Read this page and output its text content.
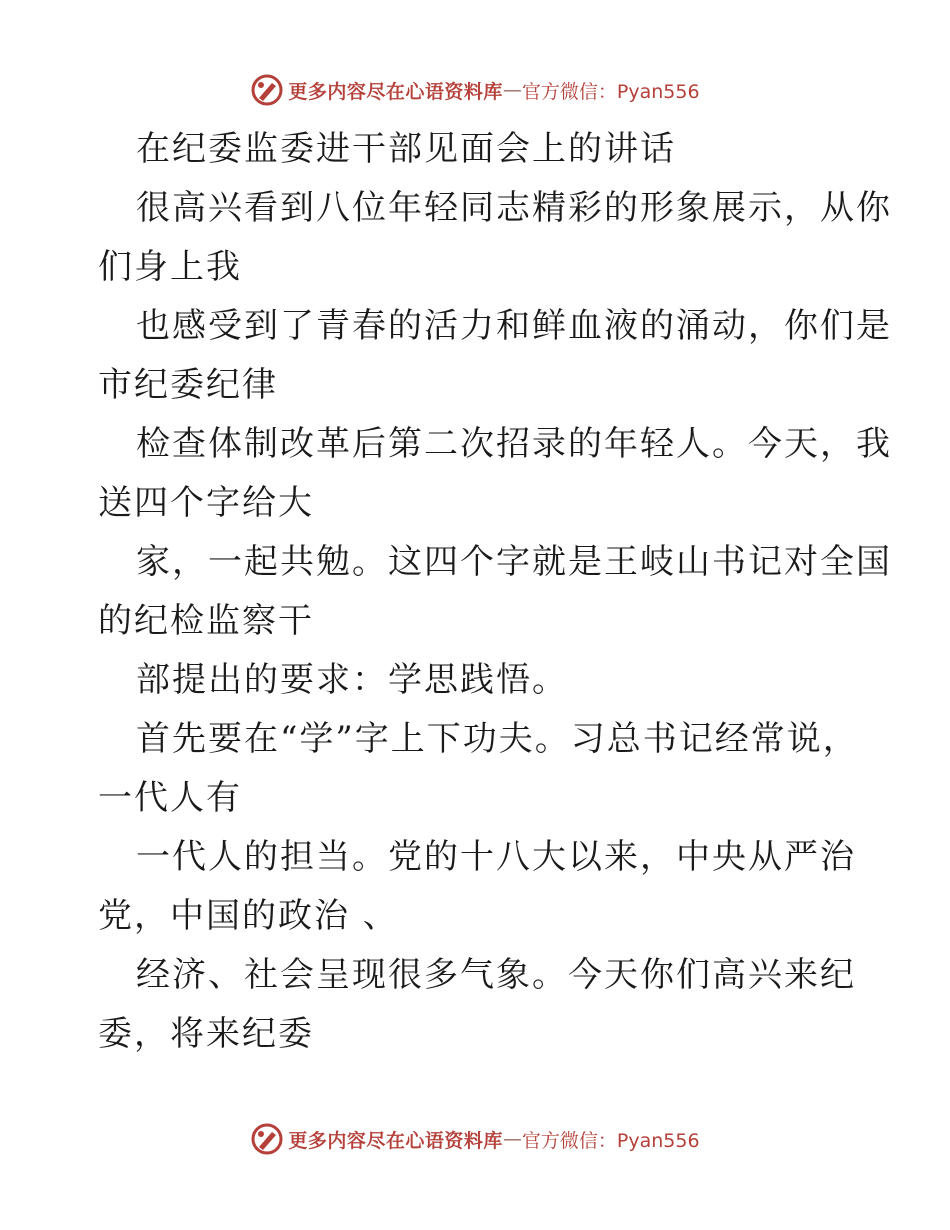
更多内容尽在心语资料库 — 官方微信：Pyan556
在纪委监委进干部见面会上的讲话
很高兴看到八位年轻同志精彩的形象展示，从你
们身上我
也感受到了青春的活力和鲜血液的涌动，你们是
市纪委纪律
检查体制改革后第二次招录的年轻人。今天，我
送四个字给大
家，一起共勉。这四个字就是王岐山书记对全国
的纪检监察干
部提出的要求：学思践悟。
首先要在“学”字上下功夫。习总书记经常说，
一代人有
一代人的担当。党的十八大以来，中央从严治
党，中国的政治 、
经济、社会呈现很多气象。今天你们高兴来纪
委，将来纪委
更多内容尽在心语资料库 — 官方微信：Pyan556
